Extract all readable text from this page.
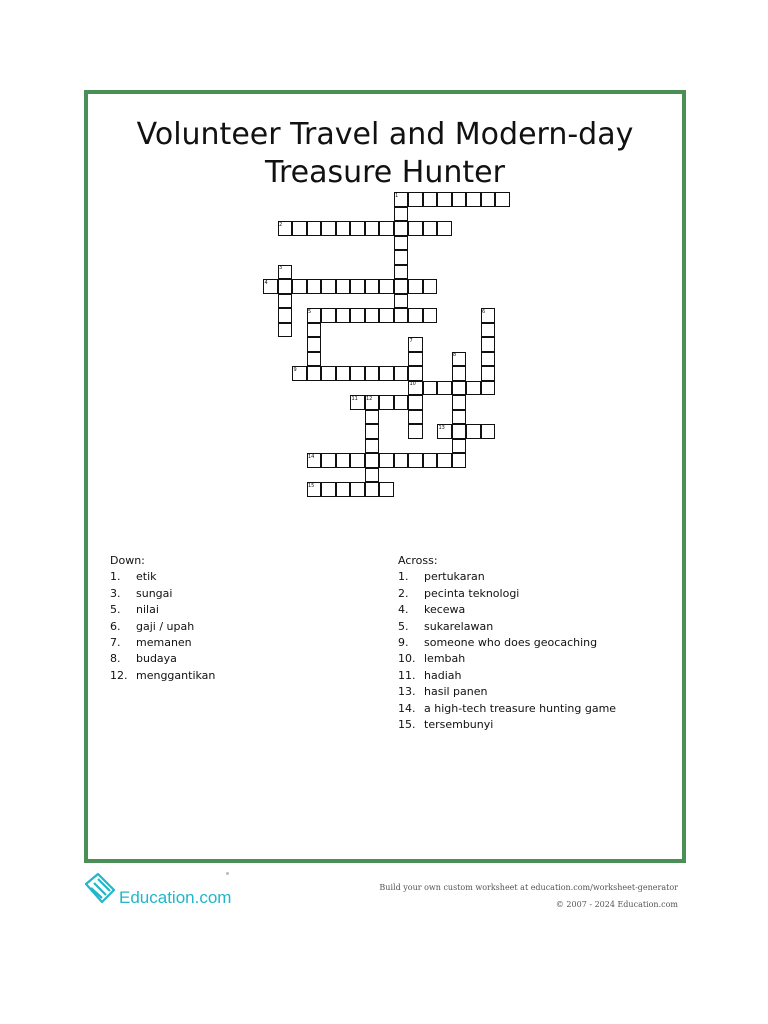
Volunteer Travel and Modern-day
Treasure Hunter
1
2
3
4
5	6
7
10
8
9
11 12
13
14
15
Down:
1.	etik
3.	sungai
5.	nilai
6.	gaji / upah
7.	memanen
8.	budaya
12. menggantikan
Across:
1.	pertukaran
2.	pecinta teknologi
4.	kecewa
5.	sukarelawan
9.	someone who does geocaching
10. lembah
11. hadiah
13. hasil panen
14. a high-tech treasure hunting game
15. tersembunyi
Education.com
Build your own custom worksheet at education.com/worksheet-generator
© 2007 - 2024 Education.com
